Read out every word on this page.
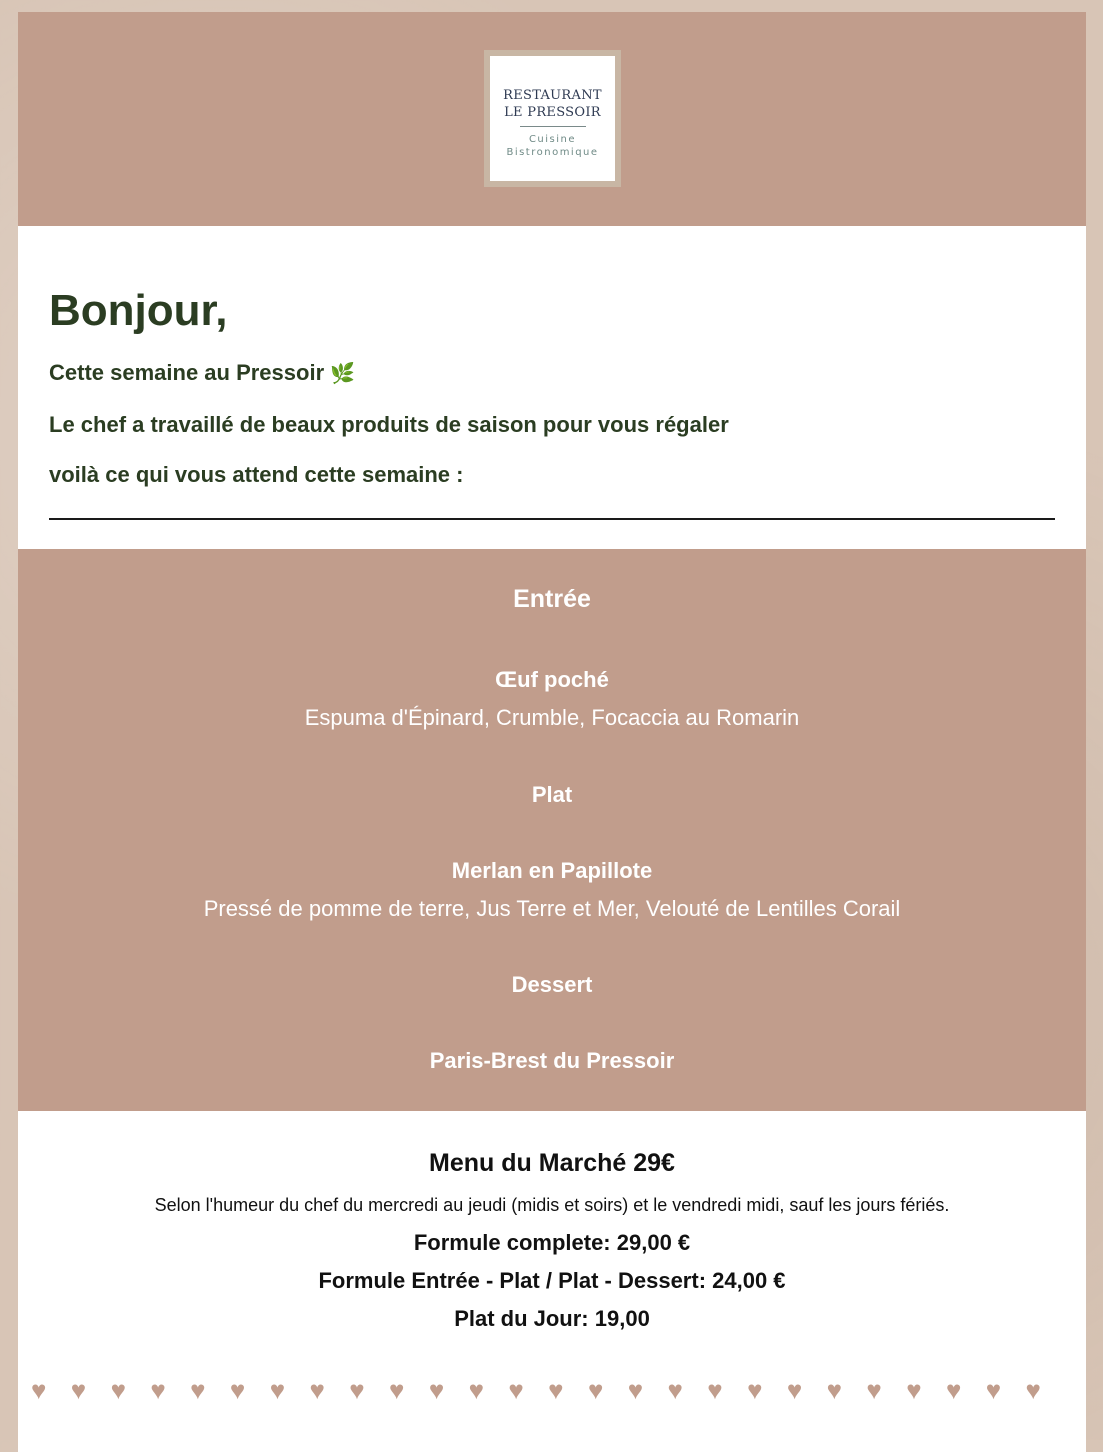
RESTAURANT
LE PRESSOIR
Cuisine
Bistronomique
Bonjour,

Cette semaine au Pressoir 🌿

Le chef a travaillé de beaux produits de saison pour vous régaler

voilà ce qui vous attend cette semaine :

Entrée
Œuf poché
Espuma d'Épinard, Crumble, Focaccia au Romarin
Plat
Merlan en Papillote
Pressé de pomme de terre, Jus Terre et Mer, Velouté de Lentilles Corail
Dessert
Paris-Brest du Pressoir
Menu du Marché 29€
Selon l'humeur du chef du mercredi au jeudi (midis et soirs) et le vendredi midi, sauf les jours fériés.
Formule complete: 29,00 €
Formule Entrée - Plat / Plat - Dessert: 24,00 €
Plat du Jour: 19,00
♥ ♥ ♥ ♥ ♥ ♥ ♥ ♥ ♥ ♥ ♥ ♥ ♥ ♥ ♥ ♥ ♥ ♥ ♥ ♥ ♥ ♥ ♥ ♥ ♥ ♥
